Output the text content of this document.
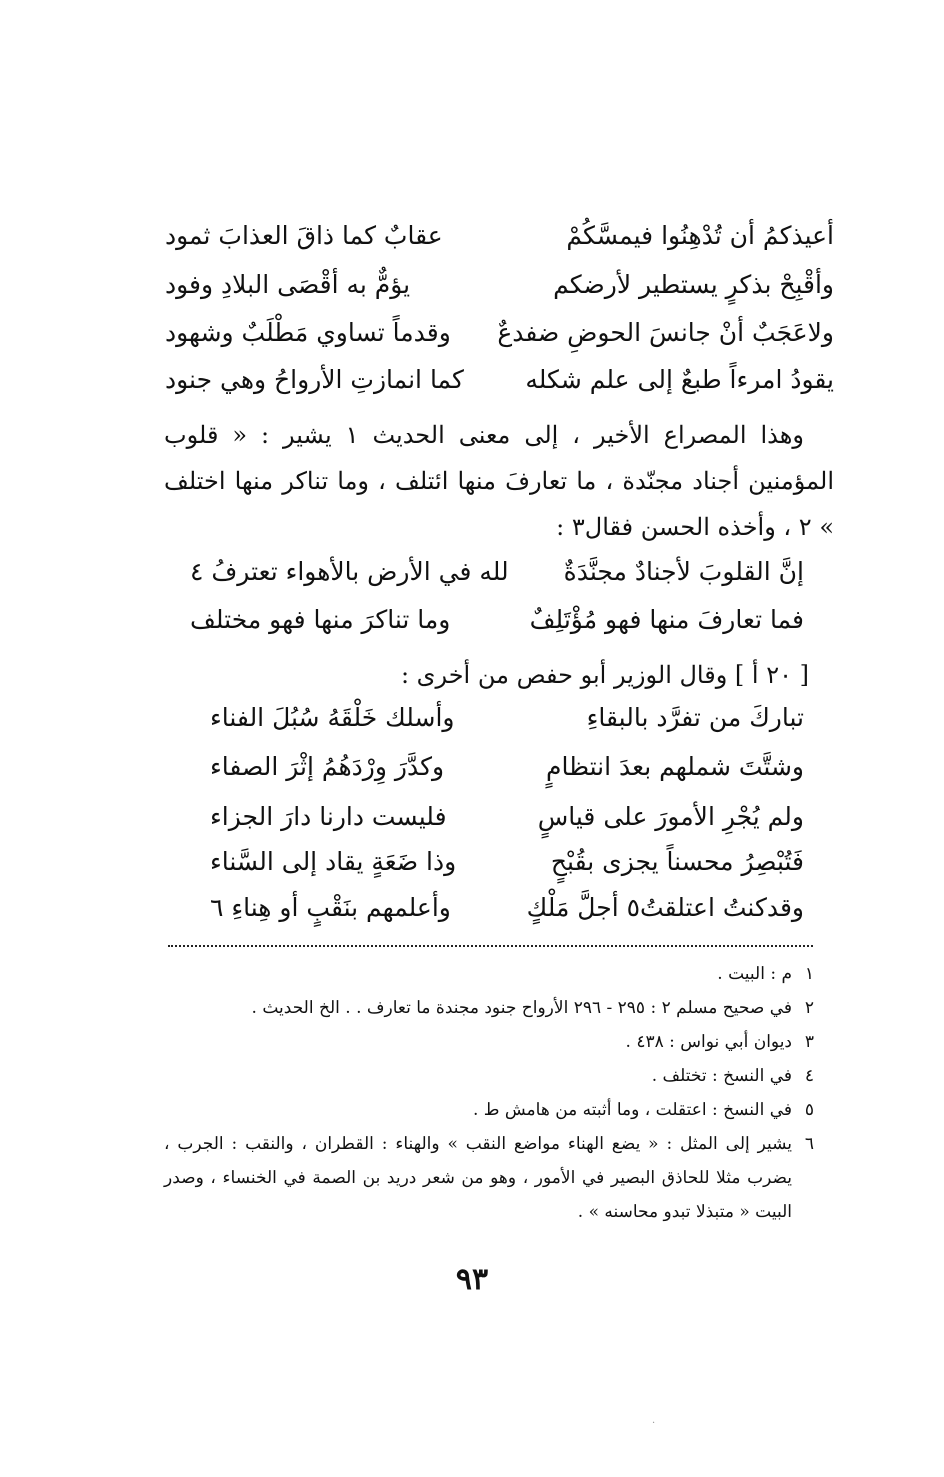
أعيذكمُ أن تُدْهِنُوا فيمسَّكُمْ
عقابٌ كما ذاقَ العذابَ ثمود
وأقْبِحْ بذكرٍ يستطير لأرضكم
يؤمٌّ به أقْصَى البلادِ وفود
ولاعَجَبٌ أنْ جانسَ الحوضِ ضفدعٌ
وقدماً تساوي مَطْلَبٌ وشهود
يقودُ امرءاً طبعٌ إلى علم شكله
كما انمازتِ الأرواحُ وهي جنود

وهذا المصراع الأخير ، إلى معنى الحديث ١ يشير : « قلوب المؤمنين أجناد مجنّدة ، ما تعارفَ منها ائتلف ، وما تناكر منها اختلف » ٢ ، وأخذه الحسن فقال٣ :

إنَّ القلوبَ لأجنادٌ مجنَّدَةٌ
لله في الأرض بالأهواء تعترفُ ٤
فما تعارفَ منها فهو مُؤْتَلِفٌ
وما تناكرَ منها فهو مختلف
[ ٢٠ أ ] وقال الوزير أبو حفص من أخرى :
تباركَ من تفرَّد بالبقاءِ
وأسلك خَلْقَهُ سُبُلَ الفناء
وشتَّتَ شملهم بعدَ انتظامٍ
وكدَّرَ وِرْدَهُمُ إثْرَ الصفاء
ولم يُجْرِ الأمورَ على قياسٍ
فليست دارنا دارَ الجزاء
فَتُبْصِرُ محسناً يجزى بقُبْحٍ
وذا ضَعَةٍ يقاد إلى السَّناء
وقدكنتُ اعتلقتُ٥ أجلَّ مَلْكٍ
وأعلمهم بنَقْبٍ أو هِناءِ ٦
١
م : البيت .
٢
في صحيح مسلم ٢ : ٢٩٥ - ٢٩٦ الأرواح جنود مجندة ما تعارف . . الخ الحديث .
٣
ديوان أبي نواس : ٤٣٨ .
٤
في النسخ : تختلف .
٥
في النسخ : اعتقلت ، وما أثبته من هامش ط .
٦
يشير إلى المثل : « يضع الهناء مواضع النقب » والهناء : القطران ، والنقب : الجرب ، يضرب مثلا للحاذق البصير في الأمور ، وهو من شعر دريد بن الصمة في الخنساء ، وصدر البيت « متبذلا تبدو محاسنه » .
٩٣
·
